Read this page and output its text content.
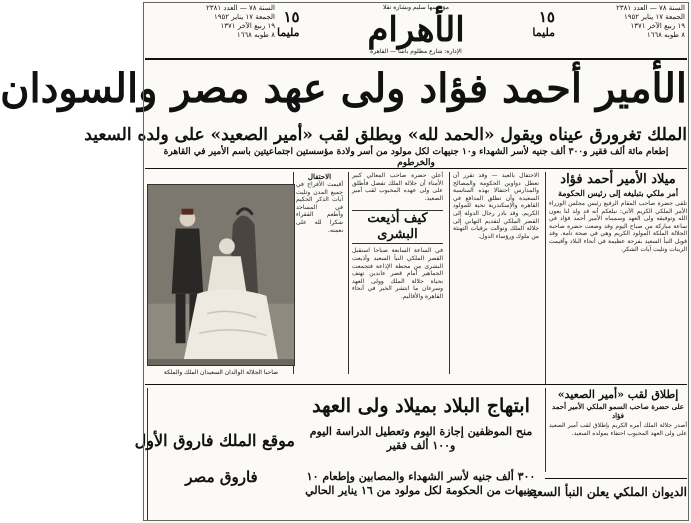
السنة ٧٨ — العدد ٢٣٨١
الجمعة ١٧ يناير ١٩٥٢
١٩ ربيع الآخر ١٣٧١
٨ طوبه ١٦٦٨
١٥
مليما
مؤسسها سليم وبشارة تقلا
الأهرام
الإدارة: شارع مظلوم باشا — القاهرة
١٥
مليما
السنة ٧٨ — العدد ٢٣٨١
الجمعة ١٧ يناير ١٩٥٢
١٩ ربيع الآخر ١٣٧١
٨ طوبه ١٦٦٨
الأمير أحمد فؤاد ولى عهد مصر والسودان
الملك تغرورق عيناه ويقول «الحمد لله» ويطلق لقب «أمير الصعيد» على ولده السعيد
إطعام مائة ألف فقير و٣٠٠ ألف جنيه لأسر الشهداء و١٠ جنيهات لكل مولود من أسر ولادة مؤسستين اجتماعيتين باسم الأمير في القاهرة والخرطوم
ميلاد الأمير أحمد فؤاد
أمر ملكي بتبليغه إلى رئيس الحكومة

تلقى حضرة صاحب المقام الرفيع رئيس مجلس الوزراء الأمر الملكي الكريم الآتي: نبلغكم أنه قد ولد لنا بعون الله وتوفيقه ولى العهد وسميناه الأمير أحمد فؤاد في ساعة مباركة من صباح اليوم وقد وضعت حضرة صاحبة الجلالة الملكة المولود الكريم وهي في صحة تامة. وقد قوبل النبأ السعيد بفرحة عظيمة في أنحاء البلاد وأقيمت الزينات وتليت آيات الشكر.

الاحتفال بالعيد — وقد تقرر أن تعطل دواوين الحكومة والمصالح والمدارس احتفالا بهذه المناسبة السعيدة وأن تطلق المدافع في القاهرة والإسكندرية تحية للمولود الكريم. وقد بادر رجال الدولة إلى القصر الملكي لتقديم التهاني إلى جلالة الملك وتوالت برقيات التهنئة من ملوك ورؤساء الدول.

أعلن حضرة صاحب المعالي كبير الأمناء أن جلالة الملك تفضل فأطلق على ولى عهده المحبوب لقب أمير الصعيد.

كيف أذيعت البشرى

في الساعة السابعة صباحا استقبل القصر الملكي النبأ السعيد وأذيعت البشرى من محطة الإذاعة فتجمعت الجماهير أمام قصر عابدين تهتف بحياة جلالة الملك وولى العهد وسرعان ما انتشر الخبر في أنحاء القاهرة والأقاليم.

الاحتفال

أقيمت الأفراح في جميع المدن وتليت آيات الذكر الحكيم في المساجد وأطعم الفقراء شكرا لله على نعمته.

صاحبا الجلالة الوالدان السعيدان الملك والملكة
إطلاق لقب «أمير الصعيد»
على حضرة صاحب السمو الملكي الأمير أحمد فؤاد

أصدر جلالة الملك أمره الكريم بإطلاق لقب أمير الصعيد على ولى العهد المحبوب احتفاء بمولده السعيد.

الديوان الملكي يعلن النبأ السعيد
ابتهاج البلاد بميلاد ولى العهد
منح الموظفين إجازة اليوم وتعطيل الدراسة اليوم و١٠٠ ألف فقير
٣٠٠ ألف جنيه لأسر الشهداء والمصابين وإطعام ١٠ جنيهات من الحكومة لكل مولود من ١٦ يناير الحالي
موقع الملك فاروق الأول
فاروق مصر
